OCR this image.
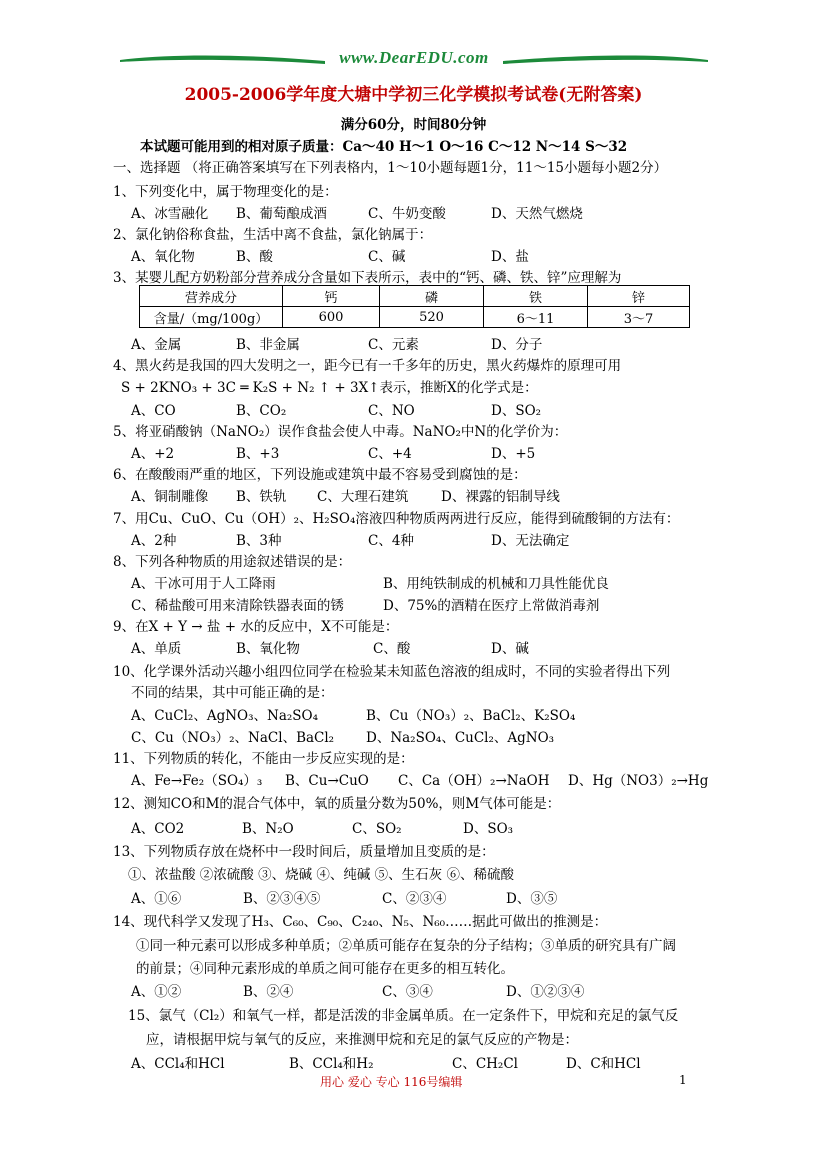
www.DearEDU.com
2005-2006学年度大塘中学初三化学模拟考试卷(无附答案)
满分60分，时间80分钟
本试题可能用到的相对原子质量：Ca～40 H～1 O～16 C～12 N～14 S～32
一、选择题 （将正确答案填写在下列表格内，1～10小题每题1分，11～15小题每小题2分）
1、下列变化中，属于物理变化的是：
A、冰雪融化 B、葡萄酿成酒	C、牛奶变酸	D、天然气燃烧
2、氯化钠俗称食盐，生活中离不食盐，氯化钠属于：
A、氧化物	B、酸	C、碱	D、盐
3、某婴儿配方奶粉部分营养成分含量如下表所示，表中的“钙、磷、铁、锌”应理解为
营养成分	钙	磷	铁	锌
含量/（mg/100g）	600	520	6～11	3～7
A、金属	B、非金属	C、元素	D、分子
4、黑火药是我国的四大发明之一，距今已有一千多年的历史，黑火药爆炸的原理可用
S + 2KNO₃ + 3C ═ K₂S + N₂ ↑ + 3X↑表示，推断X的化学式是：
A、CO	B、CO₂	C、NO	D、SO₂
5、将亚硝酸钠（NaNO₂）误作食盐会使人中毒。NaNO₂中N的化学价为：
A、+2	B、+3	C、+4	D、+5
6、在酸酸雨严重的地区，下列设施或建筑中最不容易受到腐蚀的是：
A、铜制雕像 B、铁轨 C、大理石建筑 D、裸露的铝制导线
7、用Cu、CuO、Cu（OH）₂、H₂SO₄溶液四种物质两两进行反应，能得到硫酸铜的方法有：
A、2种	B、3种	C、4种	D、无法确定
8、下列各种物质的用途叙述错误的是：
A、干冰可用于人工降雨	B、用纯铁制成的机械和刀具性能优良
C、稀盐酸可用来清除铁器表面的锈	D、75%的酒精在医疗上常做消毒剂
9、在X + Y → 盐 + 水的反应中，X不可能是：
A、单质	B、氧化物	C、酸	D、碱
10、化学课外活动兴趣小组四位同学在检验某未知蓝色溶液的组成时，不同的实验者得出下列
不同的结果，其中可能正确的是：
A、CuCl₂、AgNO₃、Na₂SO₄	B、Cu（NO₃）₂、BaCl₂、K₂SO₄
C、Cu（NO₃）₂、NaCl、BaCl₂ D、Na₂SO₄、CuCl₂、AgNO₃
11、下列物质的转化，不能由一步反应实现的是：
A、Fe→Fe₂（SO₄）₃ B、Cu→CuO C、Ca（OH）₂→NaOH D、Hg（NO3）₂→Hg
12、测知CO和M的混合气体中，氧的质量分数为50%，则M气体可能是：
A、CO2	B、N₂O	C、SO₂	D、SO₃
13、下列物质存放在烧杯中一段时间后，质量增加且变质的是：
①、浓盐酸 ②浓硫酸 ③、烧碱 ④、纯碱 ⑤、生石灰 ⑥、稀硫酸
A、①⑥	B、②③④⑤	C、②③④	D、③⑤
14、现代科学又发现了H₃、C₆₀、C₉₀、C₂₄₀、N₅、N₆₀……据此可做出的推测是：
①同一种元素可以形成多种单质；②单质可能存在复杂的分子结构；③单质的研究具有广阔
的前景；④同种元素形成的单质之间可能存在更多的相互转化。
A、①②	B、②④	C、③④	D、①②③④
15、氯气（Cl₂）和氧气一样，都是活泼的非金属单质。在一定条件下，甲烷和充足的氯气反
应，请根据甲烷与氧气的反应，来推测甲烷和充足的氯气反应的产物是：
A、CCl₄和HCl	B、CCl₄和H₂	C、CH₂Cl	D、C和HCl
用心 爱心 专心 116号编辑	1
